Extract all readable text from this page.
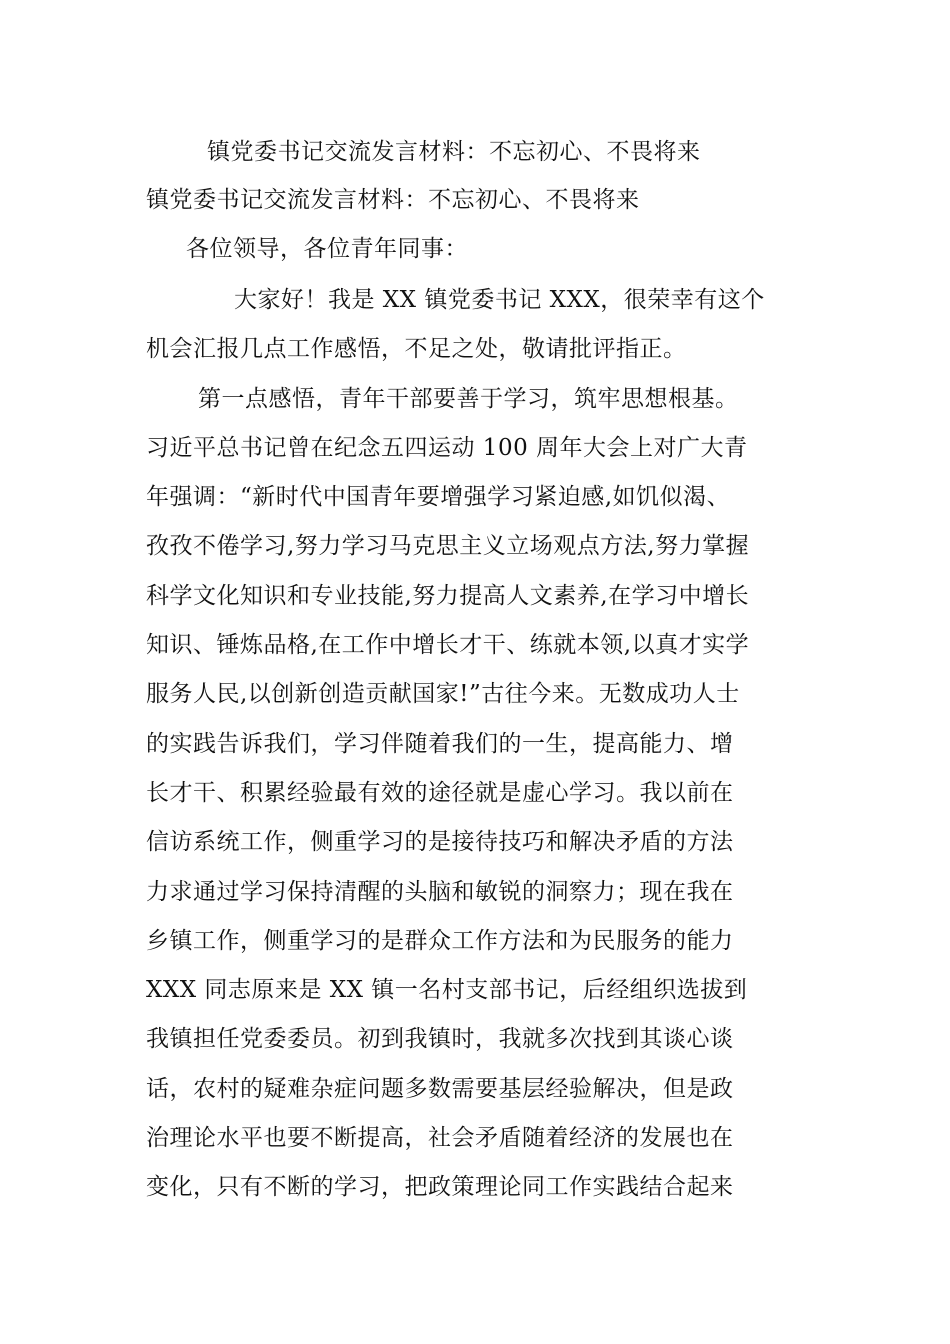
镇党委书记交流发言材料：不忘初心、不畏将来
镇党委书记交流发言材料：不忘初心、不畏将来
各位领导，各位青年同事：
大家好！我是 XX 镇党委书记 XXX，很荣幸有这个
机会汇报几点工作感悟，不足之处，敬请批评指正。
第一点感悟，青年干部要善于学习，筑牢思想根基。
习近平总书记曾在纪念五四运动 100 周年大会上对广大青
年强调：“新时代中国青年要增强学习紧迫感,如饥似渴、
孜孜不倦学习,努力学习马克思主义立场观点方法,努力掌握
科学文化知识和专业技能,努力提高人文素养,在学习中增长
知识、锤炼品格,在工作中增长才干、练就本领,以真才实学
服务人民,以创新创造贡献国家!”古往今来。无数成功人士
的实践告诉我们，学习伴随着我们的一生，提高能力、增
长才干、积累经验最有效的途径就是虚心学习。我以前在
信访系统工作，侧重学习的是接待技巧和解决矛盾的方法
力求通过学习保持清醒的头脑和敏锐的洞察力；现在我在
乡镇工作，侧重学习的是群众工作方法和为民服务的能力
XXX 同志原来是 XX 镇一名村支部书记，后经组织选拔到
我镇担任党委委员。初到我镇时，我就多次找到其谈心谈
话，农村的疑难杂症问题多数需要基层经验解决，但是政
治理论水平也要不断提高，社会矛盾随着经济的发展也在
变化，只有不断的学习，把政策理论同工作实践结合起来
